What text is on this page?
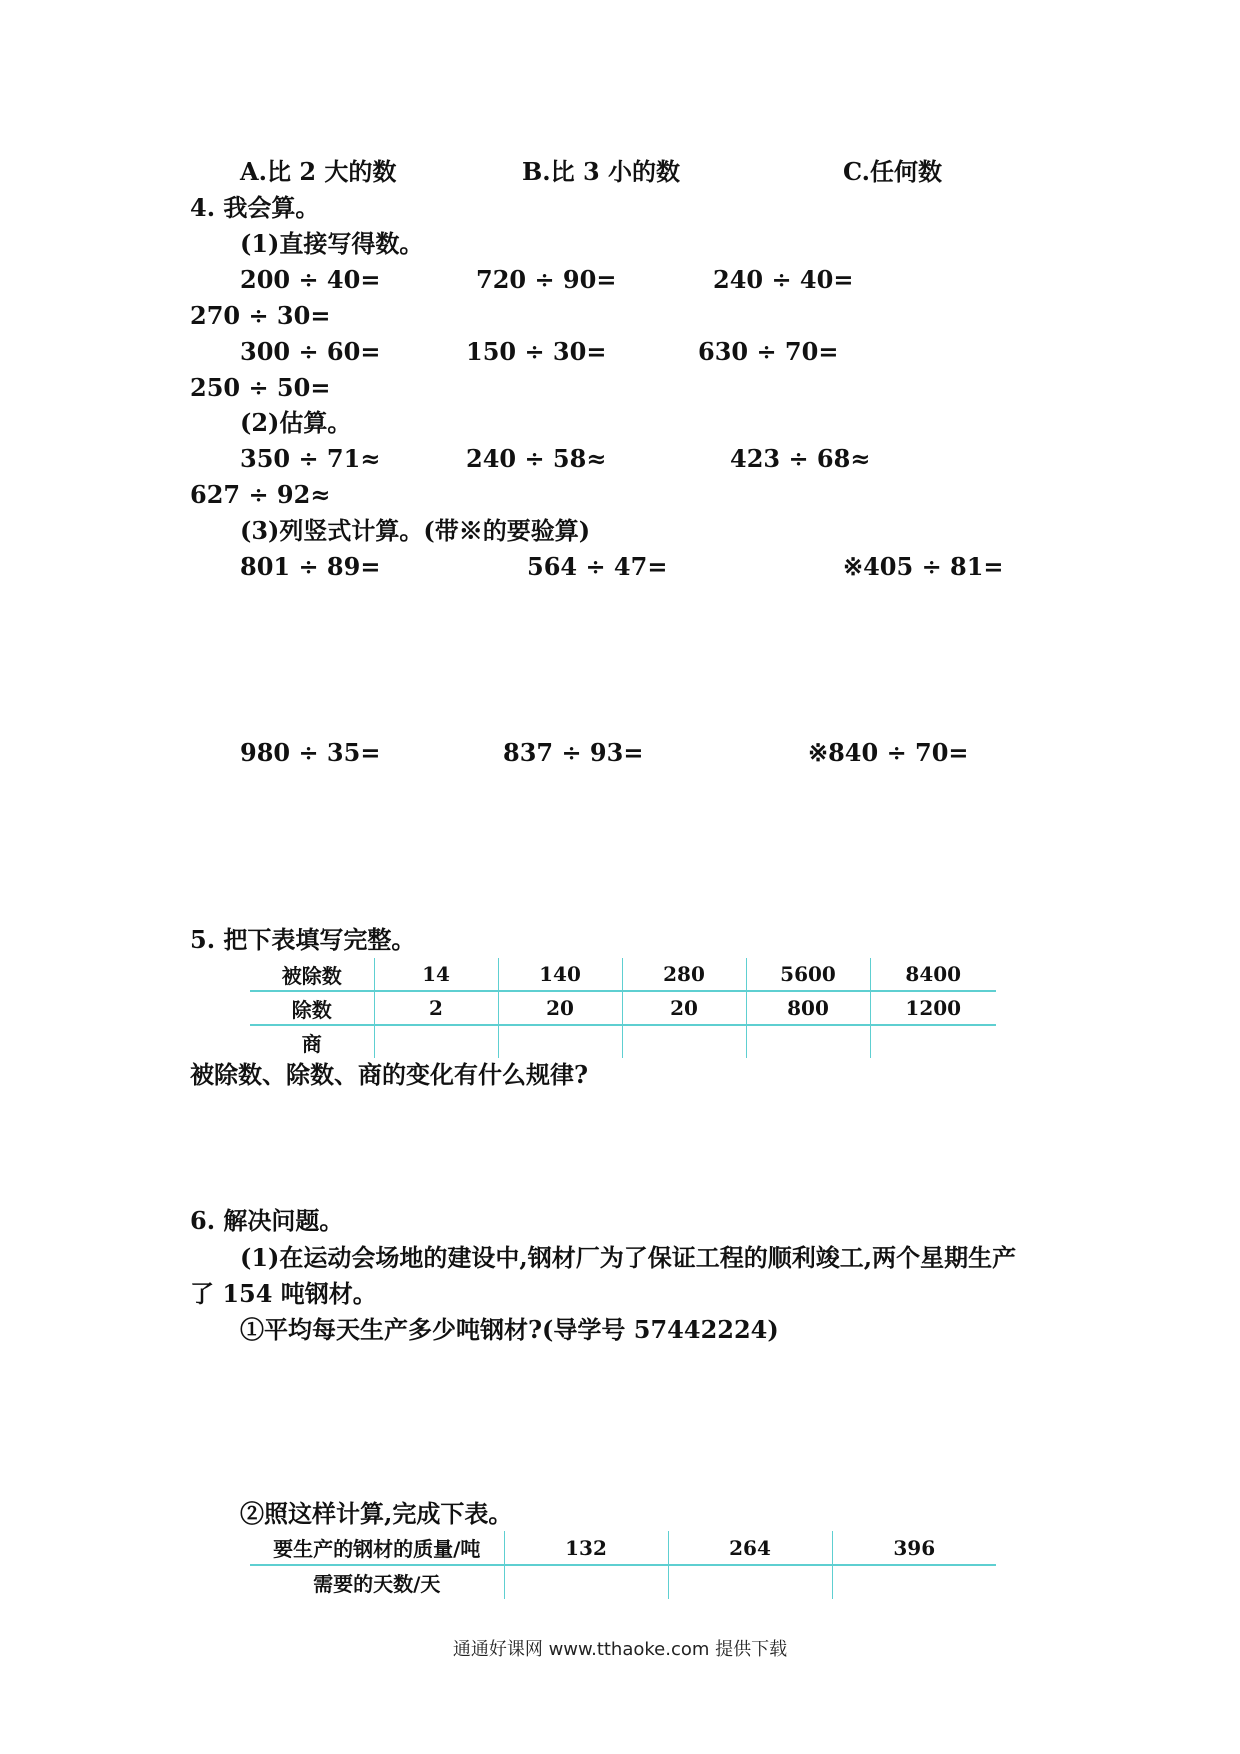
A.比 2 大的数	B.比 3 小的数	C.任何数
4. 我会算。
(1)直接写得数。
200 ÷ 40=	720 ÷ 90=	240 ÷ 40=
270 ÷ 30=
300 ÷ 60=	150 ÷ 30=	630 ÷ 70=
250 ÷ 50=
(2)估算。
350 ÷ 71≈	240 ÷ 58≈	423 ÷ 68≈
627 ÷ 92≈
(3)列竖式计算。(带※的要验算)
801 ÷ 89=	564 ÷ 47=	※405 ÷ 81=
980 ÷ 35=	837 ÷ 93=	※840 ÷ 70=
5. 把下表填写完整。
被除数	14	140	280	5600	8400
除数	2	20	20	800	1200
商					
被除数、除数、商的变化有什么规律?
6. 解决问题。
(1)在运动会场地的建设中,钢材厂为了保证工程的顺利竣工,两个星期生产
了 154 吨钢材。
①平均每天生产多少吨钢材?(导学号 57442224)
②照这样计算,完成下表。
要生产的钢材的质量/吨	132	264	396
需要的天数/天			
通通好课网 www.tthaoke.com 提供下载
